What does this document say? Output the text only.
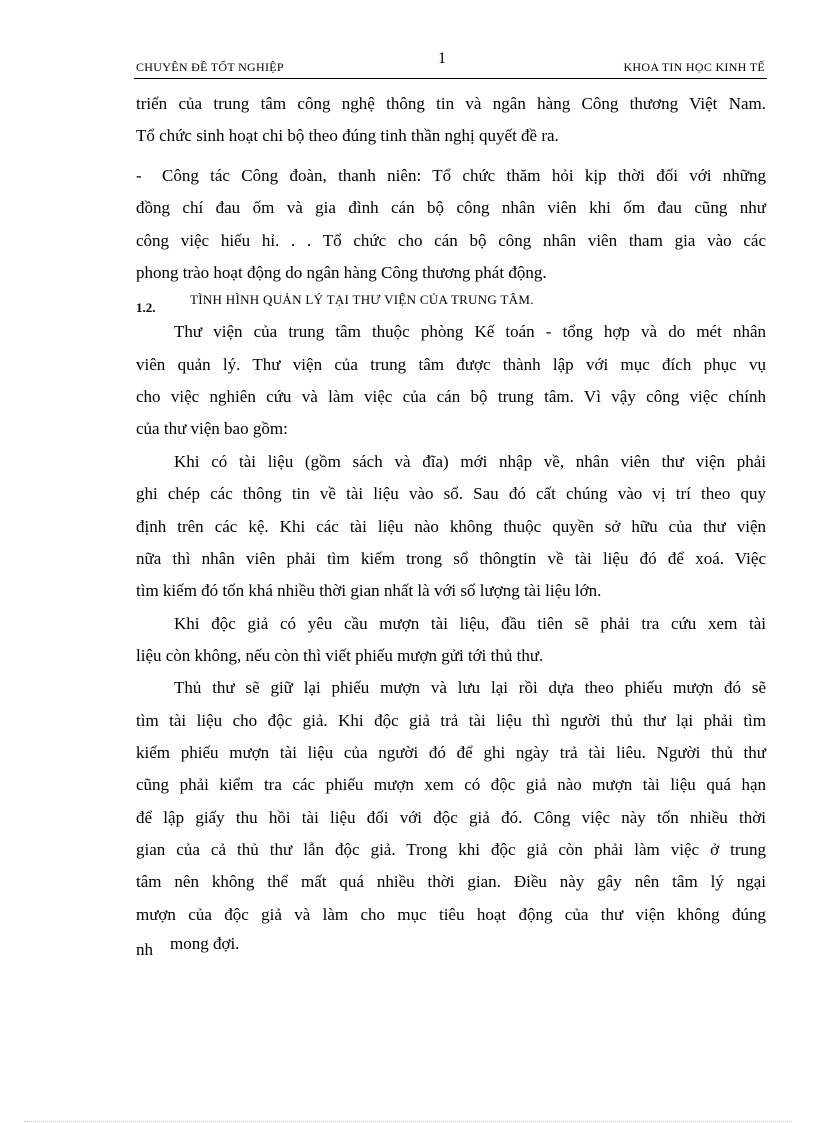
CHUYÊN ĐỀ TỐT NGHIỆP	1	KHOA TIN HỌC KINH TẾ
triển của trung tâm công nghệ thông tin và ngân hàng Công thương Việt Nam.
Tổ chức sinh hoạt chi bộ theo đúng tinh thần nghị quyết đề ra.
- Công tác Công đoàn, thanh niên: Tổ chức thăm hỏi kịp thời đối với những
đồng chí đau ốm và gia đình cán bộ công nhân viên khi ốm đau cũng như
công việc hiếu hỉ. . . Tổ chức cho cán bộ công nhân viên tham gia vào các
phong trào hoạt động do ngân hàng Công thương phát động.
1.2.
TÌNH HÌNH QUẢN LÝ TẠI THƯ VIỆN CỦA TRUNG TÂM.
Thư viện của trung tâm thuộc phòng Kế toán - tổng hợp và do mét nhân
viên quản lý. Thư viện của trung tâm được thành lập với mục đích phục vụ
cho việc nghiên cứu và làm việc của cán bộ trung tâm. Vì vậy công việc chính
của thư viện bao gồm:
Khi có tài liệu (gồm sách và đĩa) mới nhập về, nhân viên thư viện phải
ghi chép các thông tin về tài liệu vào sổ. Sau đó cất chúng vào vị trí theo quy
định trên các kệ. Khi các tài liệu nào không thuộc quyền sở hữu của thư viện
nữa thì nhân viên phải tìm kiếm trong sổ thôngtin về tài liệu đó để xoá. Việc
tìm kiếm đó tốn khá nhiều thời gian nhất là với số lượng tài liệu lớn.
Khi độc giả có yêu cầu mượn tài liệu, đầu tiên sẽ phải tra cứu xem tài
liệu còn không, nếu còn thì viết phiếu mượn gửi tới thủ thư.
Thủ thư sẽ giữ lại phiếu mượn và lưu lại rồi dựa theo phiếu mượn đó sẽ
tìm tài liệu cho độc giả. Khi độc giả trả tài liệu thì người thủ thư lại phải tìm
kiếm phiếu mượn tài liệu của người đó để ghi ngày trả tài liêu. Người thủ thư
cũng phải kiểm tra các phiếu mượn xem có độc giả nào mượn tài liệu quá hạn
để lập giấy thu hồi tài liệu đối với độc giả đó. Công việc này tốn nhiều thời
gian của cả thủ thư lẫn độc giả. Trong khi độc giả còn phải làm việc ở trung
tâm nên không thể mất quá nhiều thời gian. Điều này gây nên tâm lý ngại
mượn của độc giả và làm cho mục tiêu hoạt động của thư viện không đúng
nh mong đợi.
